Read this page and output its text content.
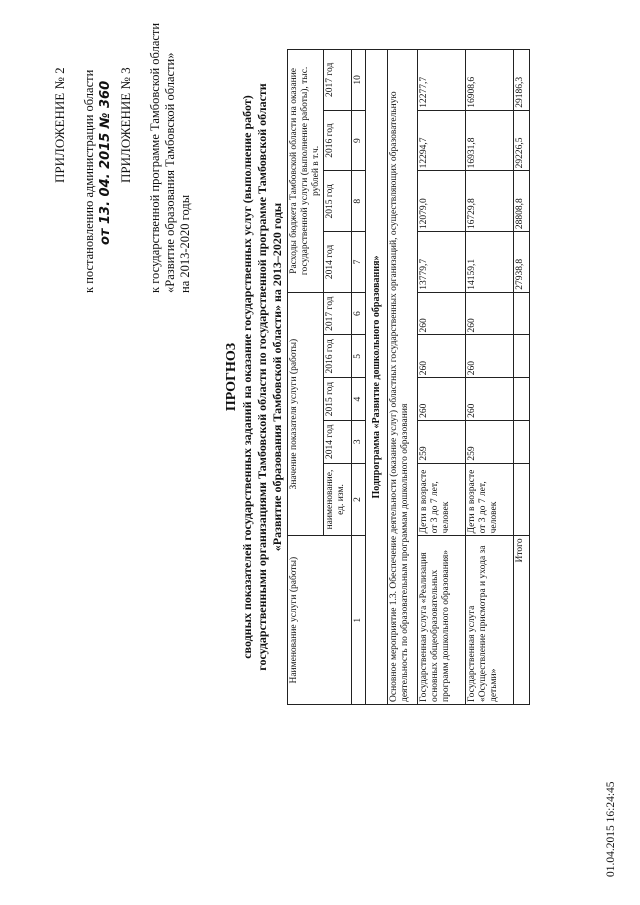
ПРИЛОЖЕНИЕ № 2 к постановлению администрации области от 13. 04. 2015 № 360 ПРИЛОЖЕНИЕ № 3 к государственной программе Тамбовской области «Развитие образования Тамбовской области» на 2013-2020 годы
ПРОГНОЗ сводных показателей государственных заданий на оказание государственных услуг (выполнение работ) государственными организациями Тамбовской области по государственной программе Тамбовской области «Развитие образования Тамбовской области» на 2013–2020 годы
Наименование услуги (работы)	Значение показателя услуги (работы)					Расходы бюджета Тамбовской области на оказание государственной услуги (выполнение работы), тыс. рублей в т.ч.			
	наименование, ед. изм.	2014 год	2015 год	2016 год	2017 год	2014 год	2015 год	2016 год	2017 год
1	2	3	4	5	6	7	8	9	10
Подпрограмма «Развитие дошкольного образования»									
Основное мероприятие 1.3. Обеспечение деятельности (оказание услуг) областных государственных организаций, осуществляющих образовательную деятельность по образовательным программам дошкольного образования									
Государственная услуга «Реализация основных общеобразовательных программ дошкольного образования»	Дети в возрасте от 3 до 7 лет, человек	259	260	260	260	13779,7	12079,0	12294,7	12277,7
Государственная услуга «Осуществление присмотра и ухода за детьми»	Дети в возрасте от 3 до 7 лет, человек	259	260	260	260	14159,1	16729,8	16931,8	16908,6
Итого						27938,8	28808,8	29226,5	29186,3
01.04.2015 16:24:45
